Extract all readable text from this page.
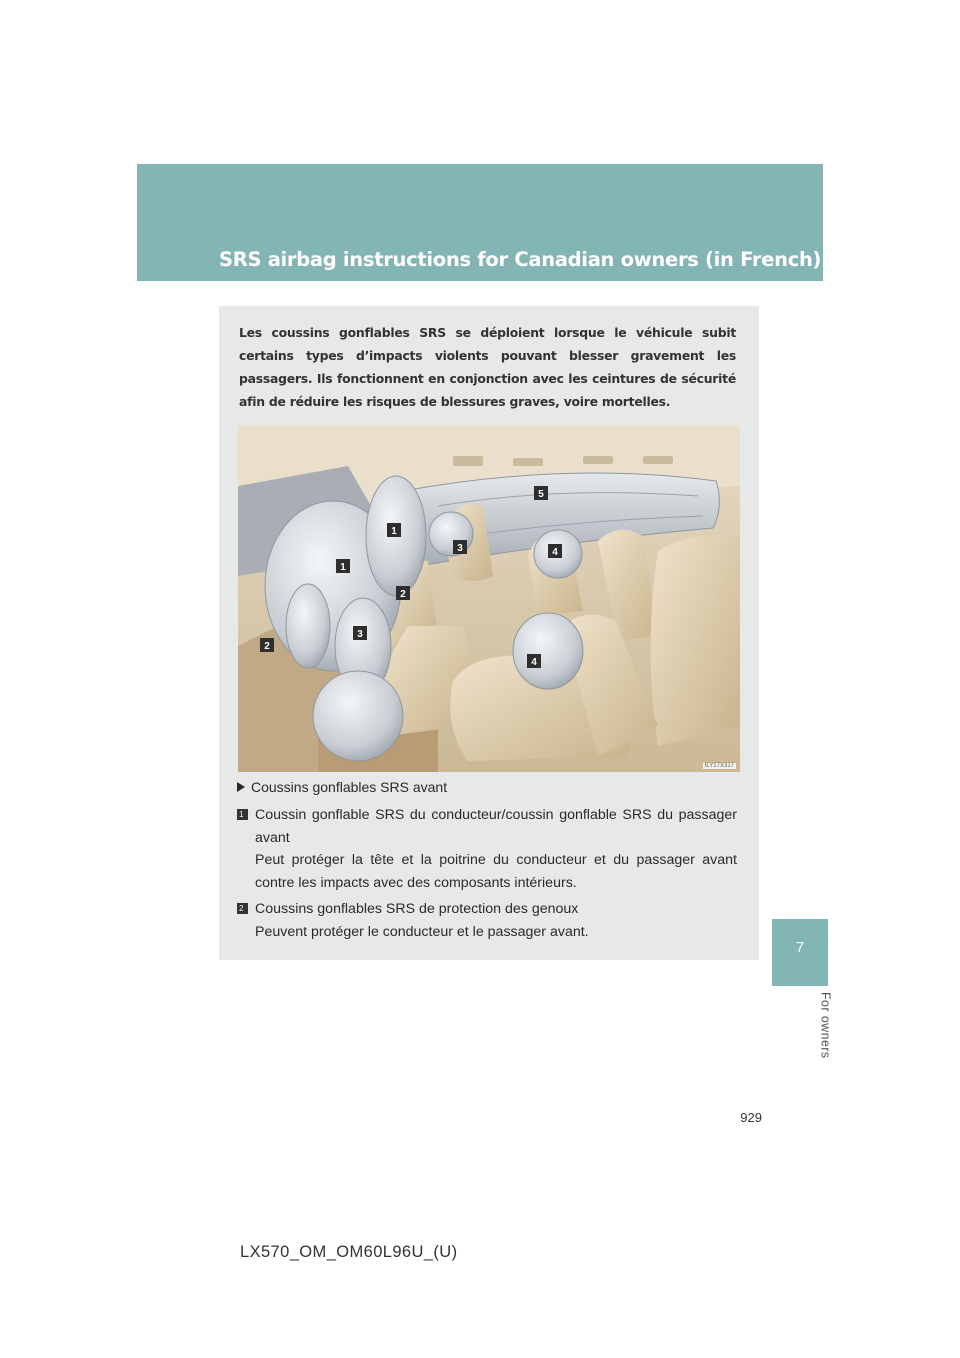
SRS airbag instructions for Canadian owners (in French)
7
For owners
Les coussins gonflables SRS se déploient lorsque le véhicule subit certains types d’impacts violents pouvant blesser gravement les passagers. Ils fonctionnent en conjonction avec les ceintures de sécurité afin de réduire les risques de blessures graves, voire mortelles.
1
1
2
2
3
3	4
4
5
ILY17X317
Coussins gonflables SRS avant
1 Coussin gonflable SRS du conducteur/coussin gonflable SRS du passager avant
Peut protéger la tête et la poitrine du conducteur et du passager avant contre les impacts avec des composants intérieurs.
2 Coussins gonflables SRS de protection des genoux
Peuvent protéger le conducteur et le passager avant.
929
LX570_OM_OM60L96U_(U)
